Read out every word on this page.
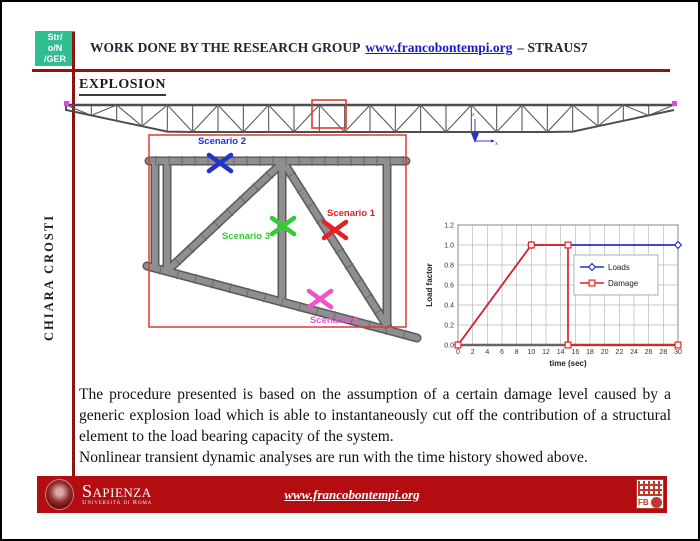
Str/
o/N
/GER
WORK DONE BY THE RESEARCH GROUP www.francobontempi.org – STRAUS7
EXPLOSION
CHIARA CROSTI
z
x
Scenario 2
Scenario 1
Scenario 3
Scenario 4
0 2 4 6 8 10 12 14 16 18 20 22 24 26 28 30
0.0
0.2
0.4
0.6
0.8
1.0
1.2
time (sec)
Load factor	Loads
Damage

The procedure presented is based on the assumption of a certain damage level caused by a generic explosion load which is able to instantaneously cut off the contribution of a structural element to the load bearing capacity of the system.

Nonlinear transient dynamic analyses are run with the time history showed above.

Sapienza
Università di Roma
www.francobontempi.org
FB
